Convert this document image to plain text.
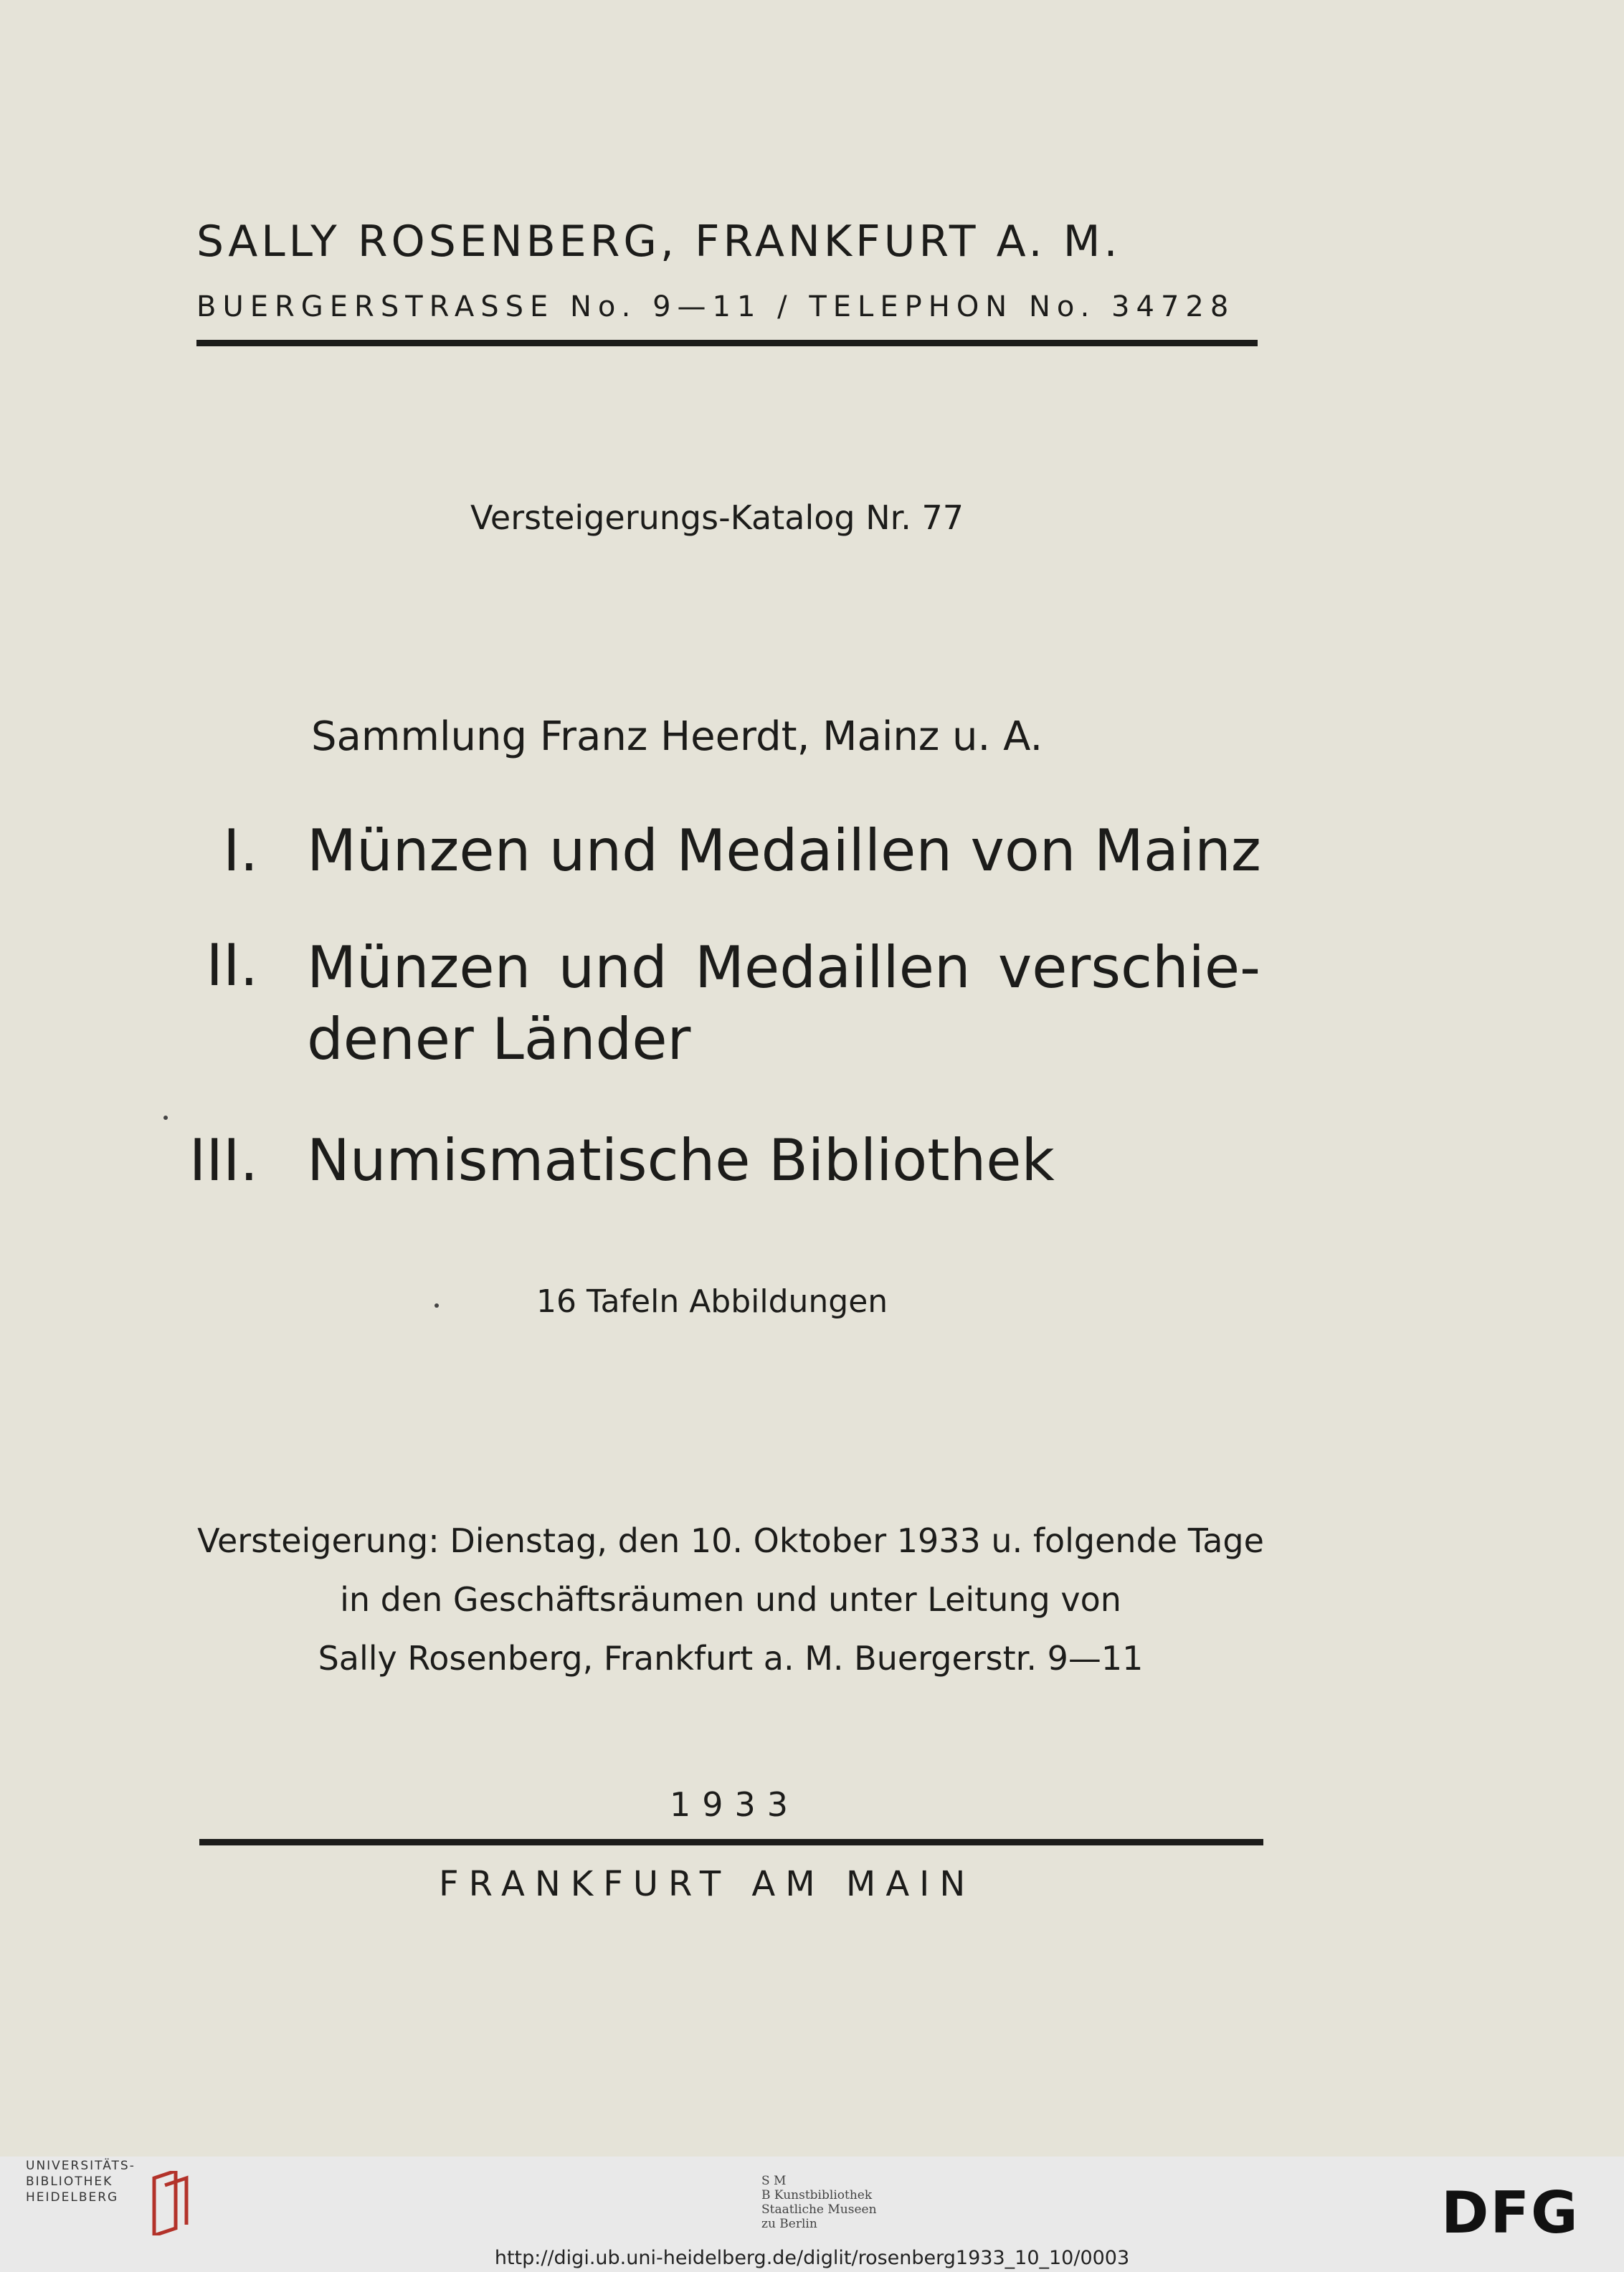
SALLY ROSENBERG, FRANKFURT A. M.
BUERGERSTRASSE No. 9—11 / TELEPHON No. 34728
Versteigerungs-Katalog Nr. 77
Sammlung Franz Heerdt, Mainz u. A.
I. Münzen und Medaillen von Mainz
II. Münzen und Medaillen verschie- dener Länder
III. Numismatische Bibliothek
16 Tafeln Abbildungen
Versteigerung: Dienstag, den 10. Oktober 1933 u. folgende Tage
in den Geschäftsräumen und unter Leitung von
Sally Rosenberg, Frankfurt a. M. Buergerstr. 9—11
1933
FRANKFURT AM MAIN
UNIVERSITÄTS-
BIBLIOTHEK
HEIDELBERG
S M
B Kunstbibliothek
Staatliche Museen
zu Berlin	DFG
http://digi.ub.uni-heidelberg.de/diglit/rosenberg1933_10_10/0003
